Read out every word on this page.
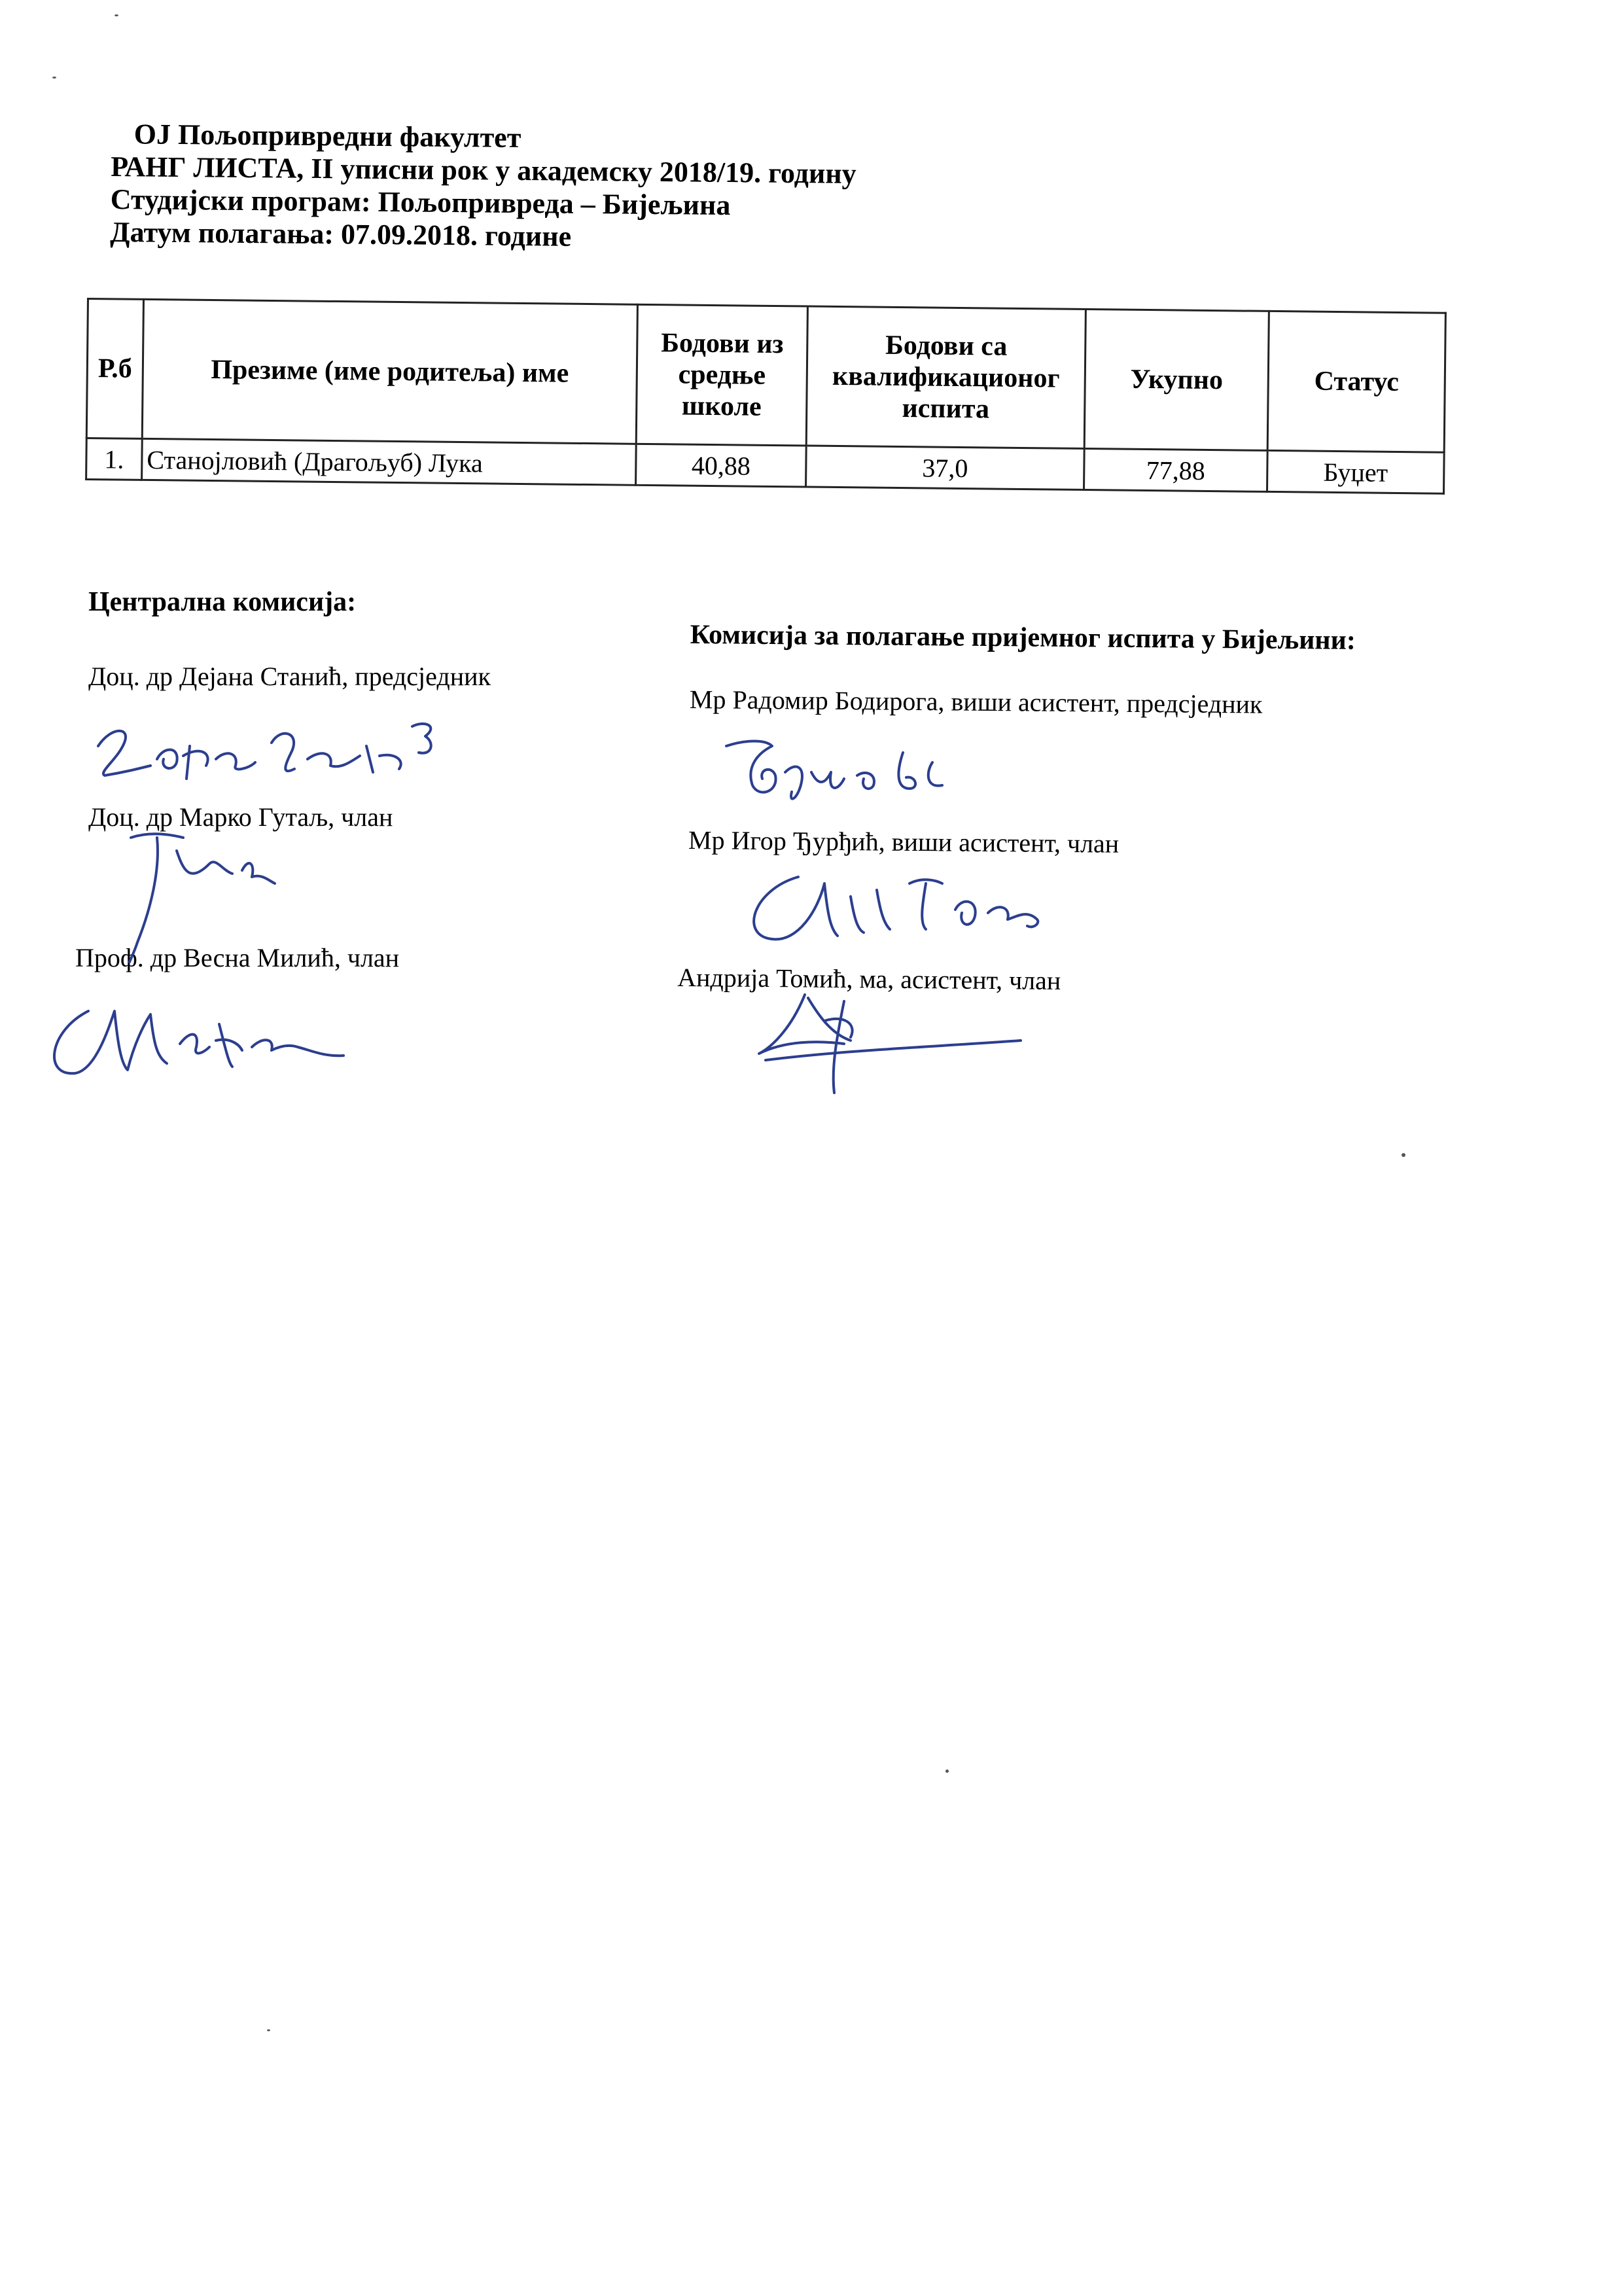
ОЈ Пољопривредни факултет
РАНГ ЛИСТА, II уписни рок у академску 2018/19. годину
Студијски програм: Пољопривреда – Бијељина
Датум полагања: 07.09.2018. године
Р.б	Презиме (име родитеља) име	Бодови из средње школе	Бодови са квалификационог испита	Укупно	Статус
1.	Станојловић (Драгољуб) Лука	40,88	37,0	77,88	Буџет
Централна комисија:
Доц. др Дејана Станић, предсједник
Доц. др Марко Гутаљ, члан
Проф. др Весна Милић, члан
Комисија за полагање пријемног испита у Бијељини:
Мр Радомир Бодирога, виши асистент, предсједник
Мр Игор Ђурђић, виши асистент, члан
Андрија Томић, ма, асистент, члан
